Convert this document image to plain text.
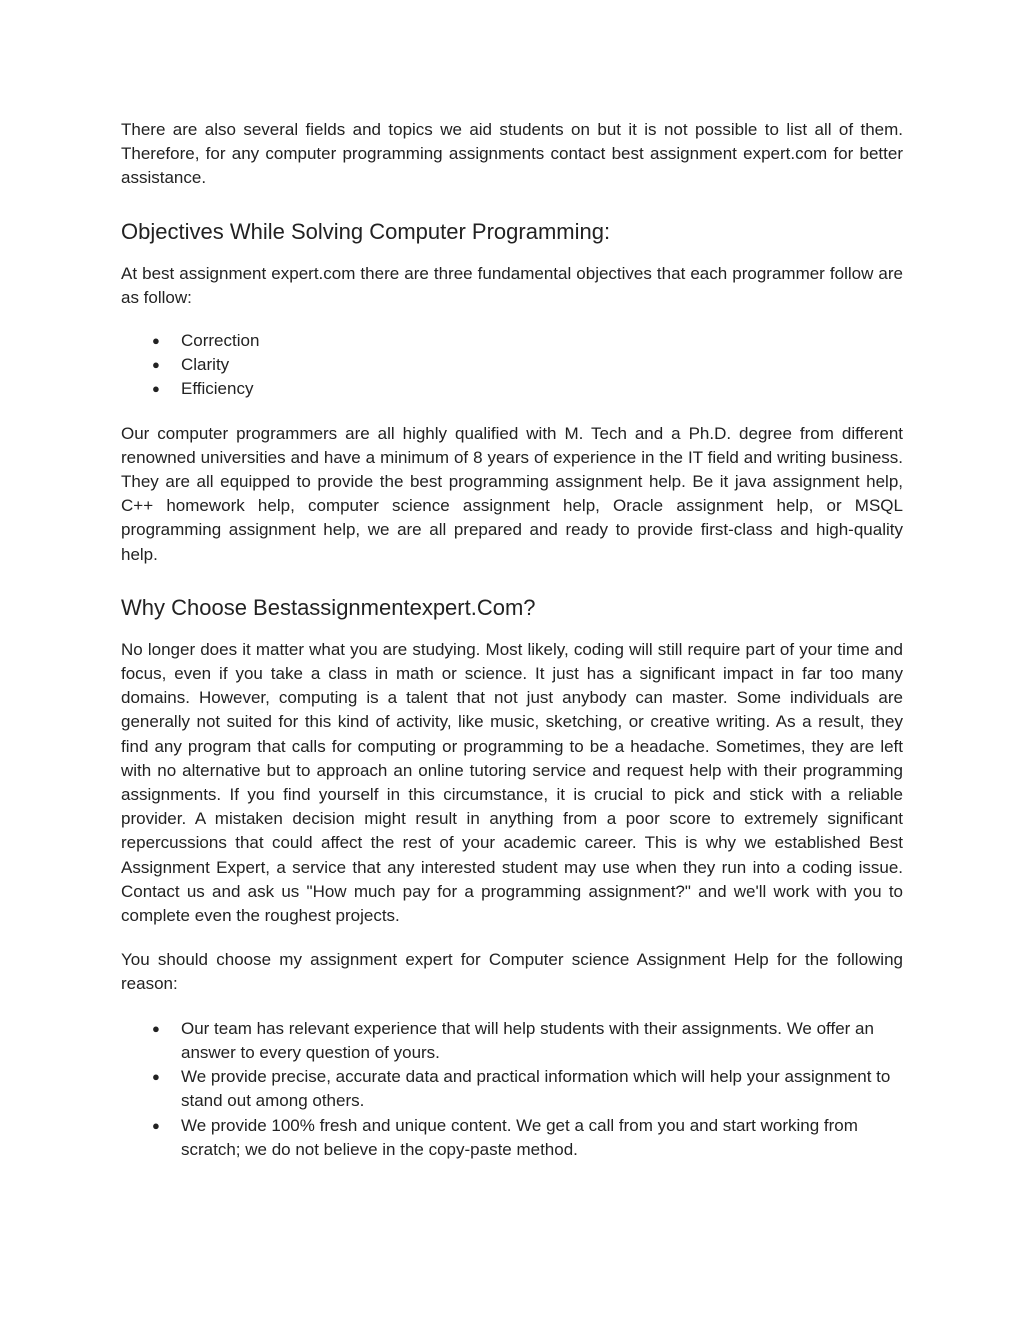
There are also several fields and topics we aid students on but it is not possible to list all of them. Therefore, for any computer programming assignments contact best assignment expert.com for better assistance.

Objectives While Solving Computer Programming:

At best assignment expert.com there are three fundamental objectives that each programmer follow are as follow:

● Correction
● Clarity
● Efficiency

Our computer programmers are all highly qualified with M. Tech and a Ph.D. degree from different renowned universities and have a minimum of 8 years of experience in the IT field and writing business. They are all equipped to provide the best programming assignment help. Be it java assignment help, C++ homework help, computer science assignment help, Oracle assignment help, or MSQL programming assignment help, we are all prepared and ready to provide first-class and high-quality help.

Why Choose Bestassignmentexpert.Com?

No longer does it matter what you are studying. Most likely, coding will still require part of your time and focus, even if you take a class in math or science. It just has a significant impact in far too many domains. However, computing is a talent that not just anybody can master. Some individuals are generally not suited for this kind of activity, like music, sketching, or creative writing. As a result, they find any program that calls for computing or programming to be a headache. Sometimes, they are left with no alternative but to approach an online tutoring service and request help with their programming assignments. If you find yourself in this circumstance, it is crucial to pick and stick with a reliable provider. A mistaken decision might result in anything from a poor score to extremely significant repercussions that could affect the rest of your academic career. This is why we established Best Assignment Expert, a service that any interested student may use when they run into a coding issue. Contact us and ask us "How much pay for a programming assignment?" and we'll work with you to complete even the roughest projects.

You should choose my assignment expert for Computer science Assignment Help for the following reason:

● Our team has relevant experience that will help students with their assignments. We offer an answer to every question of yours.
● We provide precise, accurate data and practical information which will help your assignment to stand out among others.
● We provide 100% fresh and unique content. We get a call from you and start working from scratch; we do not believe in the copy-paste method.
